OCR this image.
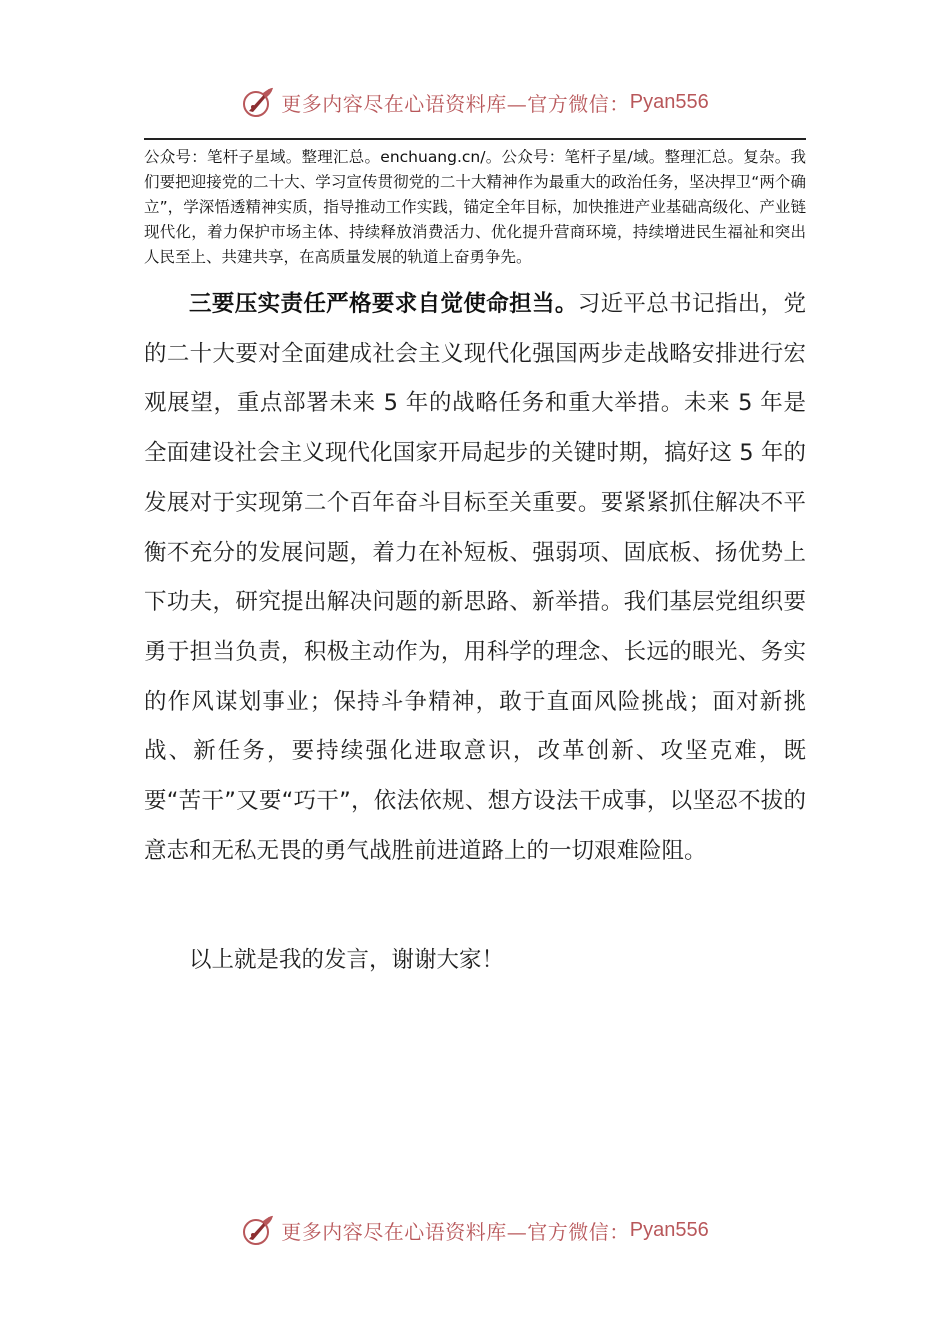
更多内容尽在心语资料库—官方微信： Pyan556
公众号：笔杆子星域。整理汇总。enchuang.cn/。公众号：笔杆子星/域。整理汇总。复杂。我们要把迎接党的二十大、学习宣传贯彻党的二十大精神作为最重大的政治任务，坚决捍卫“两个确立”，学深悟透精神实质，指导推动工作实践，锚定全年目标，加快推进产业基础高级化、产业链现代化，着力保护市场主体、持续释放消费活力、优化提升营商环境，持续增进民生福祉和突出人民至上、共建共享，在高质量发展的轨道上奋勇争先。
三要压实责任严格要求自觉使命担当。习近平总书记指出，党的二十大要对全面建成社会主义现代化强国两步走战略安排进行宏观展望，重点部署未来 5 年的战略任务和重大举措。未来 5 年是全面建设社会主义现代化国家开局起步的关键时期，搞好这 5 年的发展对于实现第二个百年奋斗目标至关重要。要紧紧抓住解决不平衡不充分的发展问题，着力在补短板、强弱项、固底板、扬优势上下功夫，研究提出解决问题的新思路、新举措。我们基层党组织要勇于担当负责，积极主动作为，用科学的理念、长远的眼光、务实的作风谋划事业；保持斗争精神，敢于直面风险挑战；面对新挑战、新任务，要持续强化进取意识，改革创新、攻坚克难，既要“苦干”又要“巧干”，依法依规、想方设法干成事，以坚忍不拔的意志和无私无畏的勇气战胜前进道路上的一切艰难险阻。
以上就是我的发言，谢谢大家！
更多内容尽在心语资料库—官方微信： Pyan556
